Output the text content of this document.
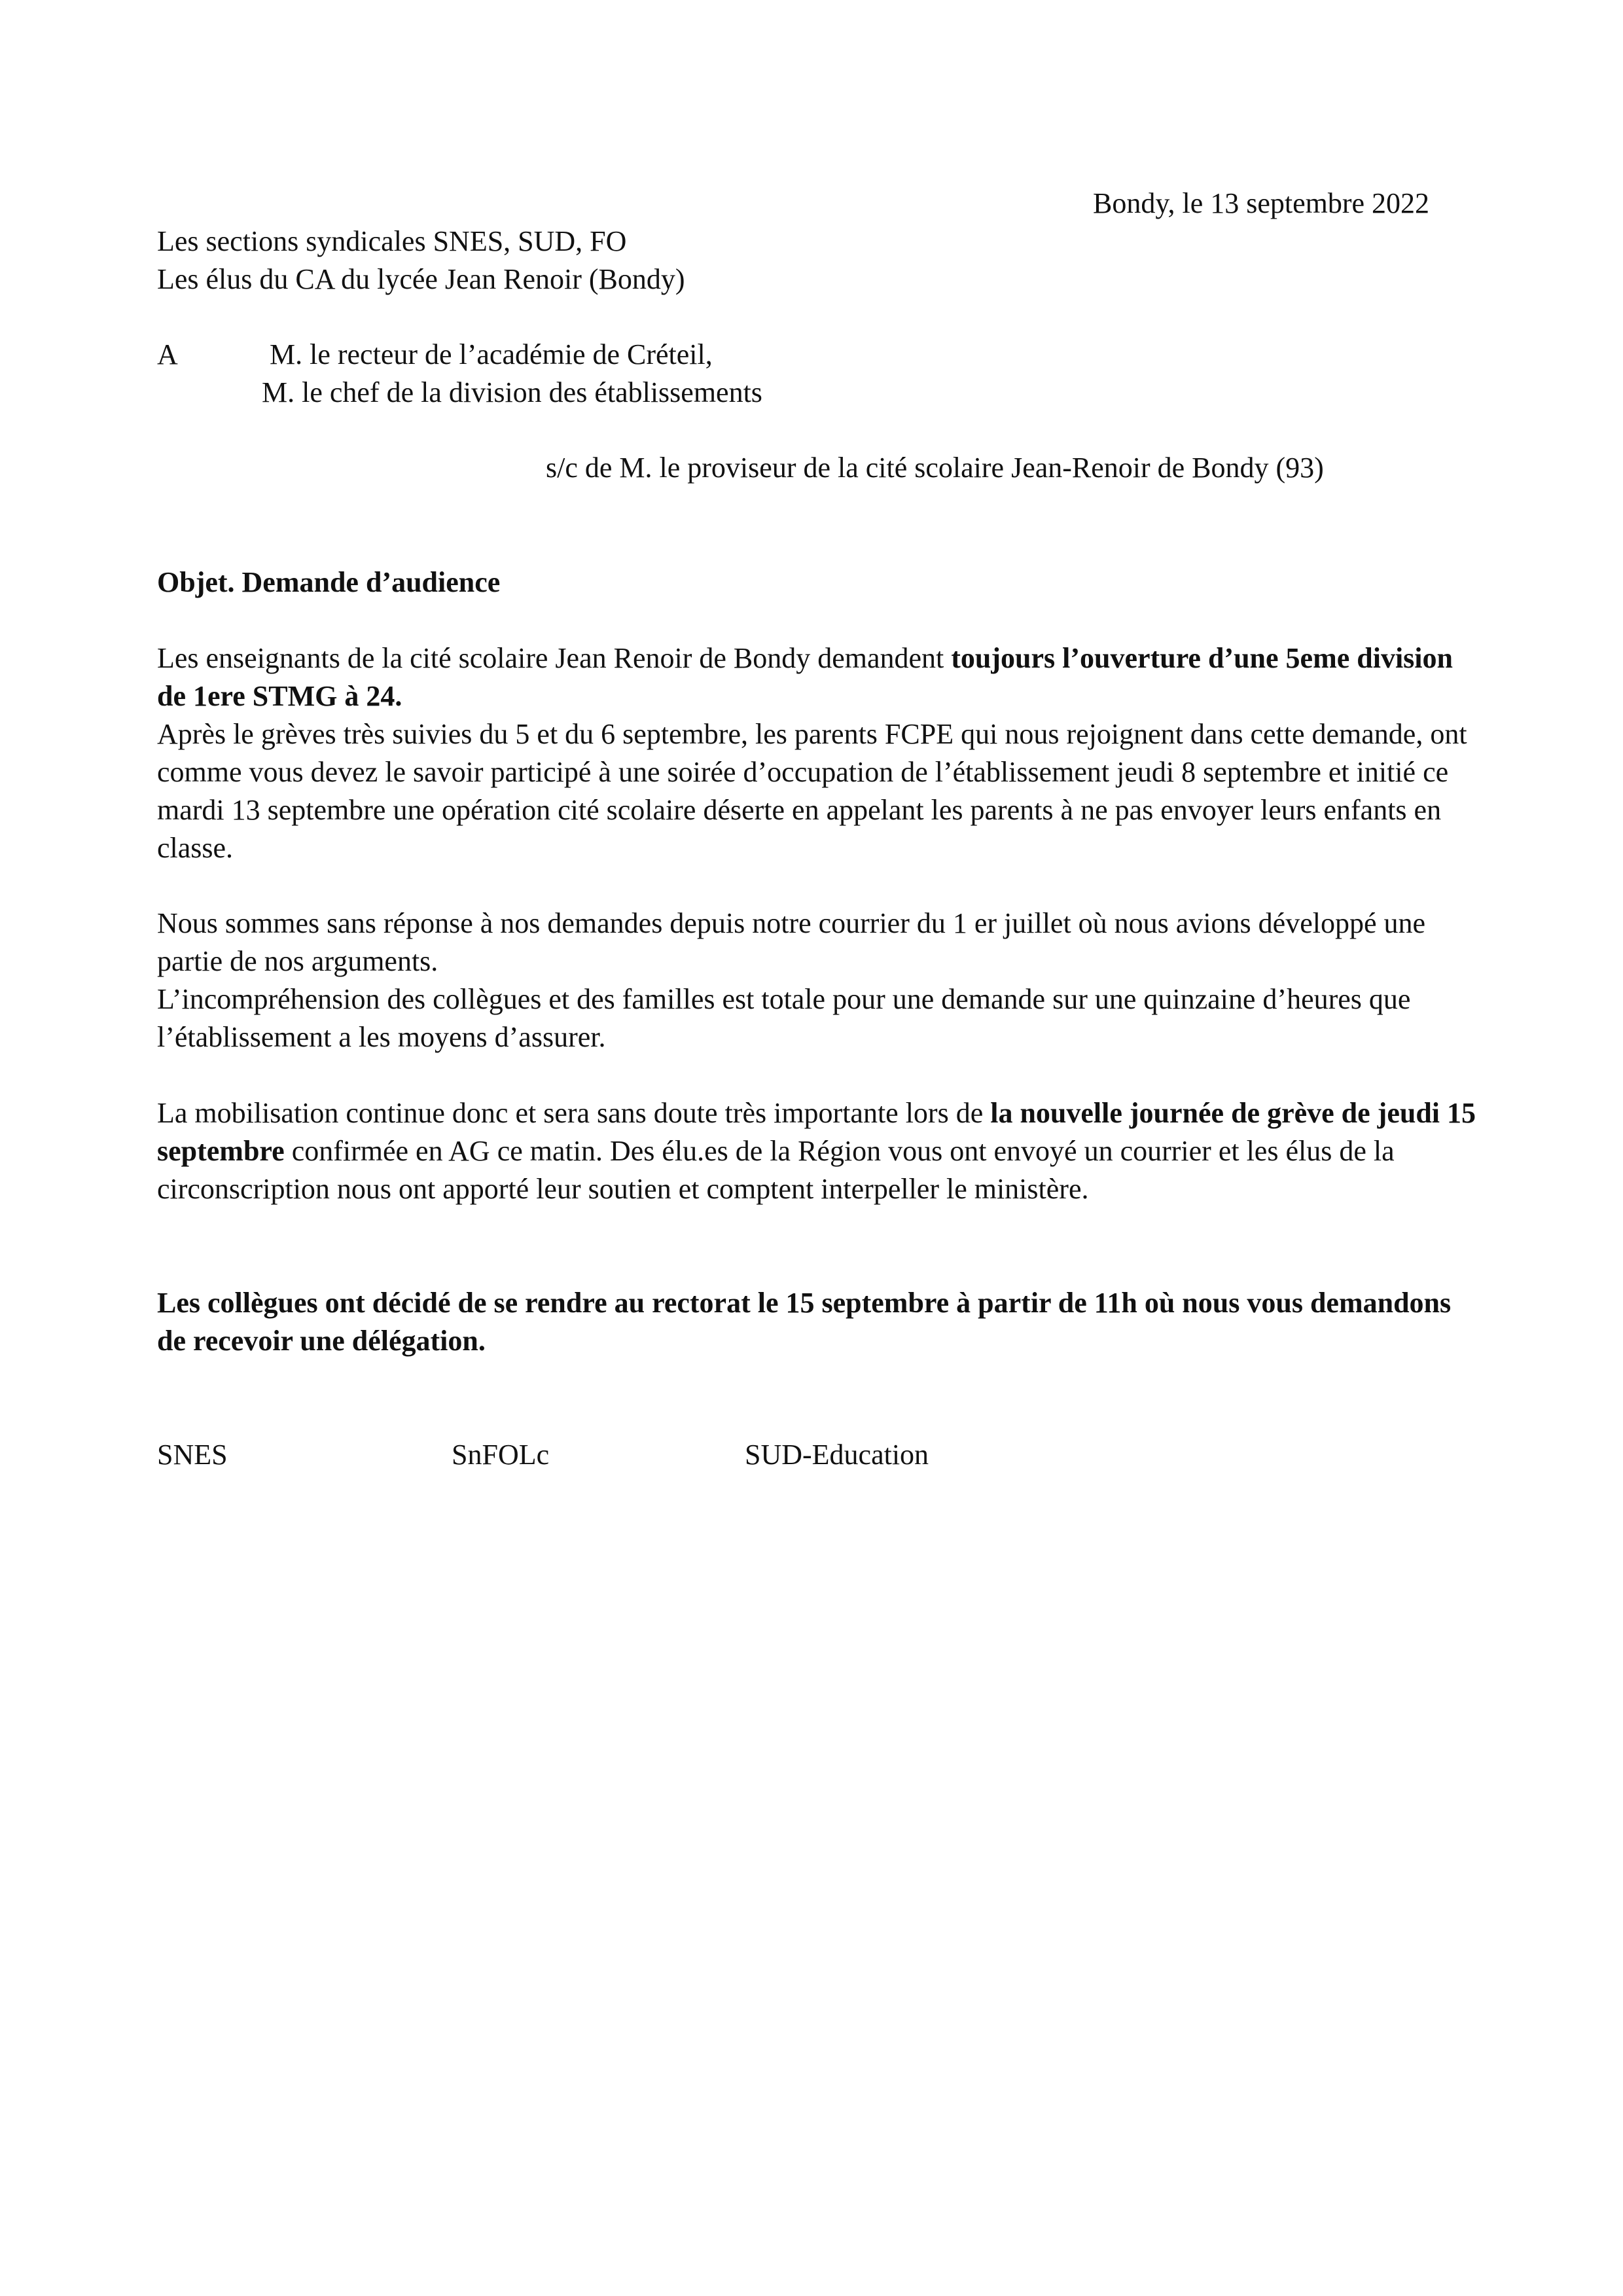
Bondy, le 13 septembre 2022
Les sections syndicales SNES, SUD, FO
Les élus du CA du lycée Jean Renoir (Bondy)
A	M. le recteur de l’académie de Créteil,
M. le chef de la division des établissements
s/c de M. le proviseur de la cité scolaire Jean-Renoir de Bondy (93)
Objet. Demande d’audience
Les enseignants de la cité scolaire Jean Renoir de Bondy demandent toujours l’ouverture d’une 5eme division de 1ere STMG à 24.
Après le grèves très suivies du 5 et du 6 septembre, les parents FCPE qui nous rejoignent dans cette demande, ont comme vous devez le savoir participé à une soirée d’occupation de l’établissement jeudi 8 septembre et initié ce mardi 13 septembre une opération cité scolaire déserte en appelant les parents à ne pas envoyer leurs enfants en classe.
Nous sommes sans réponse à nos demandes depuis notre courrier du 1 er juillet où nous avions développé une partie de nos arguments.
L’incompréhension des collègues et des familles est totale pour une demande sur une quinzaine d’heures que l’établissement a les moyens d’assurer.
La mobilisation continue donc et sera sans doute très importante lors de la nouvelle journée de grève de jeudi 15 septembre confirmée en AG ce matin. Des élu.es de la Région vous ont envoyé un courrier et les élus de la circonscription nous ont apporté leur soutien et comptent interpeller le ministère.
Les collègues ont décidé de se rendre au rectorat le 15 septembre à partir de 11h où nous vous demandons de recevoir une délégation.
SNES	SnFOLc	SUD-Education
